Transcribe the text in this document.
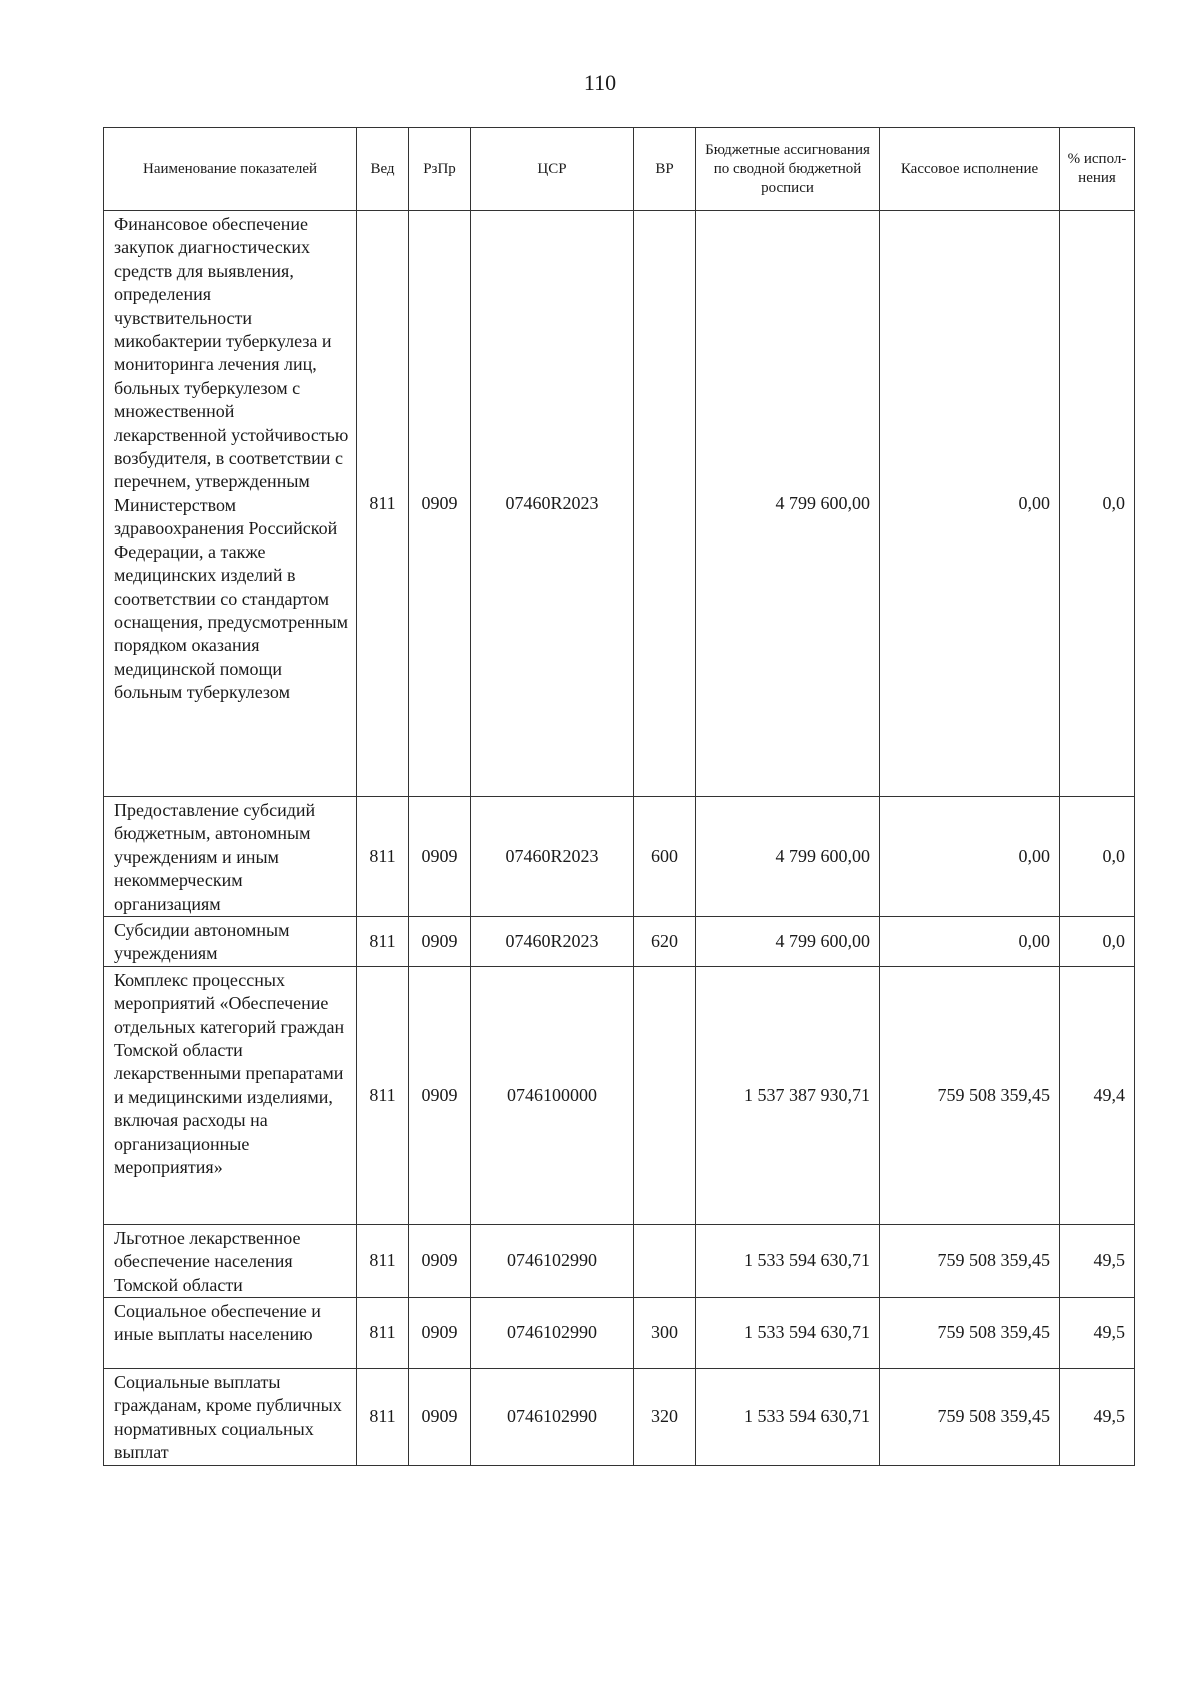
110
Наименование показателей	Вед	РзПр	ЦСР	ВР	Бюджетные ассигнования по сводной бюджетной росписи	Кассовое исполнение	% испол-нения
Финансовое обеспечение закупок диагностических средств для выявления, определения чувствительности микобактерии туберкулеза и мониторинга лечения лиц, больных туберкулезом с множественной лекарственной устойчивостью возбудителя, в соответствии с перечнем, утвержденным Министерством здравоохранения Российской Федерации, а также медицинских изделий в соответствии со стандартом оснащения, предусмотренным порядком оказания медицинской помощи больным туберкулезом	811	0909	07460R2023		4 799 600,00	0,00	0,0
Предоставление субсидий бюджетным, автономным учреждениям и иным некоммерческим организациям	811	0909	07460R2023	600	4 799 600,00	0,00	0,0
Субсидии автономным учреждениям	811	0909	07460R2023	620	4 799 600,00	0,00	0,0
Комплекс процессных мероприятий «Обеспечение отдельных категорий граждан Томской области лекарственными препаратами и медицинскими изделиями, включая расходы на организационные мероприятия»	811	0909	0746100000		1 537 387 930,71	759 508 359,45	49,4
Льготное лекарственное обеспечение населения Томской области	811	0909	0746102990		1 533 594 630,71	759 508 359,45	49,5
Социальное обеспечение и иные выплаты населению	811	0909	0746102990	300	1 533 594 630,71	759 508 359,45	49,5
Социальные выплаты гражданам, кроме публичных нормативных социальных выплат	811	0909	0746102990	320	1 533 594 630,71	759 508 359,45	49,5
